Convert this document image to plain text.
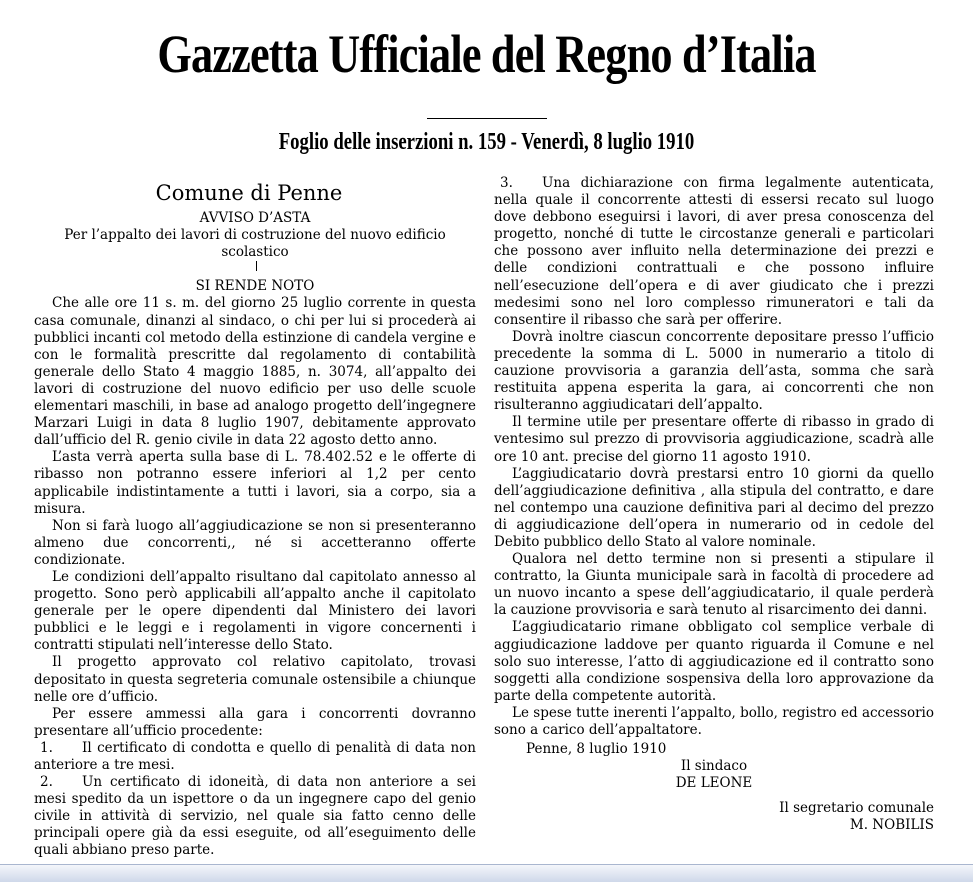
Gazzetta Ufficiale del Regno d’Italia
Foglio delle inserzioni n. 159 - Venerdì, 8 luglio 1910
Comune di Penne

AVVISO D’ASTA

Per l’appalto dei lavori di costruzione del nuovo edificio scolastico

SI RENDE NOTO

Che alle ore 11 s. m. del giorno 25 luglio corrente in questa casa comunale, dinanzi al sindaco, o chi per lui si procederà ai pubblici incanti col metodo della estinzione di candela vergine e con le formalità prescritte dal regolamento di contabilità generale dello Stato 4 maggio 1885, n. 3074, all’appalto dei lavori di costruzione del nuovo edificio per uso delle scuole elementari maschili, in base ad analogo progetto dell’ingegnere Marzari Luigi in data 8 luglio 1907, debitamente approvato dall’ufficio del R. genio civile in data 22 agosto detto anno.

L’asta verrà aperta sulla base di L. 78.402.52 e le offerte di ribasso non potranno essere inferiori al 1,2 per cento applicabile indistintamente a tutti i lavori, sia a corpo, sia a misura.

Non si farà luogo all’aggiudicazione se non si presenteranno almeno due concorrenti,, né si accetteranno offerte condizionate.

Le condizioni dell’appalto risultano dal capitolato annesso al progetto. Sono però applicabili all’appalto anche il capitolato generale per le opere dipendenti dal Ministero dei lavori pubblici e le leggi e i regolamenti in vigore concernenti i contratti stipulati nell’interesse dello Stato.

Il progetto approvato col relativo capitolato, trovasi depositato in questa segreteria comunale ostensibile a chiunque nelle ore d’ufficio.

Per essere ammessi alla gara i concorrenti dovranno presentare all’ufficio procedente:

1. Il certificato di condotta e quello di penalità di data non anteriore a tre mesi.

2. Un certificato di idoneità, di data non anteriore a sei mesi spedito da un ispettore o da un ingegnere capo del genio civile in attività di servizio, nel quale sia fatto cenno delle principali opere già da essi eseguite, od all’eseguimento delle quali abbiano preso parte.

3. Una dichiarazione con firma legalmente autenticata, nella quale il concorrente attesti di essersi recato sul luogo dove debbono eseguirsi i lavori, di aver presa conoscenza del progetto, nonché di tutte le circostanze generali e particolari che possono aver influito nella determinazione dei prezzi e delle condizioni contrattuali e che possono influire nell’esecuzione dell’opera e di aver giudicato che i prezzi medesimi sono nel loro complesso rimuneratori e tali da consentire il ribasso che sarà per offerire.

Dovrà inoltre ciascun concorrente depositare presso l’ufficio precedente la somma di L. 5000 in numerario a titolo di cauzione provvisoria a garanzia dell’asta, somma che sarà restituita appena esperita la gara, ai concorrenti che non risulteranno aggiudicatari dell’appalto.

Il termine utile per presentare offerte di ribasso in grado di ventesimo sul prezzo di provvisoria aggiudicazione, scadrà alle ore 10 ant. precise del giorno 11 agosto 1910.

L’aggiudicatario dovrà prestarsi entro 10 giorni da quello dell’aggiudicazione definitiva , alla stipula del contratto, e dare nel contempo una cauzione definitiva pari al decimo del prezzo di aggiudicazione dell’opera in numerario od in cedole del Debito pubblico dello Stato al valore nominale.

Qualora nel detto termine non si presenti a stipulare il contratto, la Giunta municipale sarà in facoltà di procedere ad un nuovo incanto a spese dell’aggiudicatario, il quale perderà la cauzione provvisoria e sarà tenuto al risarcimento dei danni.

L’aggiudicatario rimane obbligato col semplice verbale di aggiudicazione laddove per quanto riguarda il Comune e nel solo suo interesse, l’atto di aggiudicazione ed il contratto sono soggetti alla condizione sospensiva della loro approvazione da parte della competente autorità.

Le spese tutte inerenti l’appalto, bollo, registro ed accessorio sono a carico dell’appaltatore.

Penne, 8 luglio 1910

Il sindaco

DE LEONE

Il segretario comunale

M. NOBILIS
